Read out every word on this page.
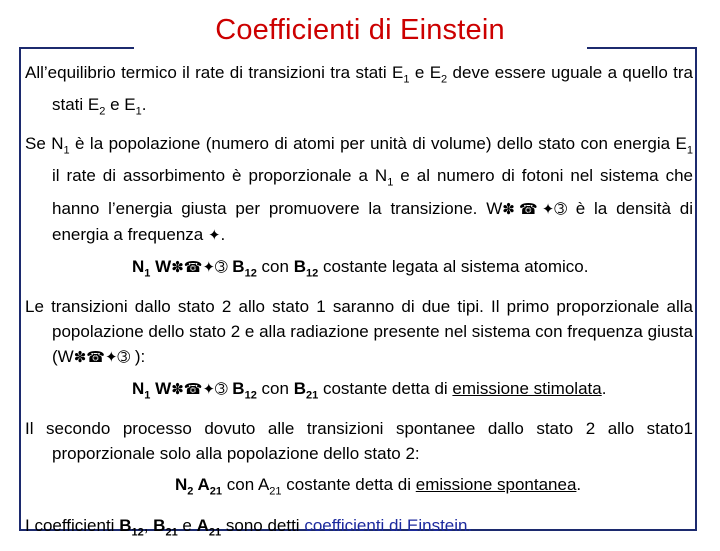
Coefficienti di Einstein

All’equilibrio termico il rate di transizioni tra stati $E_1$ e $E_2$ deve essere uguale a quello tra stati $E_2$ e $E_1$.

Se $N_1$ è la popolazione (numero di atomi per unità di volume) dello stato con energia $E_1$ il rate di assorbimento è proporzionale a $N_1$ e al numero di fotoni nel sistema che hanno l’energia giusta per promuovere la transizione. W✽☎✦➂ è la densità di energia a frequenza ✦.

$N_1$ W✽☎✦➂ $B_{12}$ con $B_{12}$ costante legata al sistema atomico.

Le transizioni dallo stato 2 allo stato 1 saranno di due tipi. Il primo proporzionale alla popolazione dello stato 2 e alla radiazione presente nel sistema con frequenza giusta (W✽☎✦➂ ):

$N_1$ W✽☎✦➂ $B_{12}$ con $B_{21}$ costante detta di emissione stimolata.

Il secondo processo dovuto alle transizioni spontanee dallo stato 2 allo stato1 proporzionale solo alla popolazione dello stato 2:

$N_2$ $A_{21}$ con $A_{21}$ costante detta di emissione spontanea.

I coefficienti $B_{12}$, $B_{21}$ e $A_{21}$ sono detti coefficienti di Einstein.
